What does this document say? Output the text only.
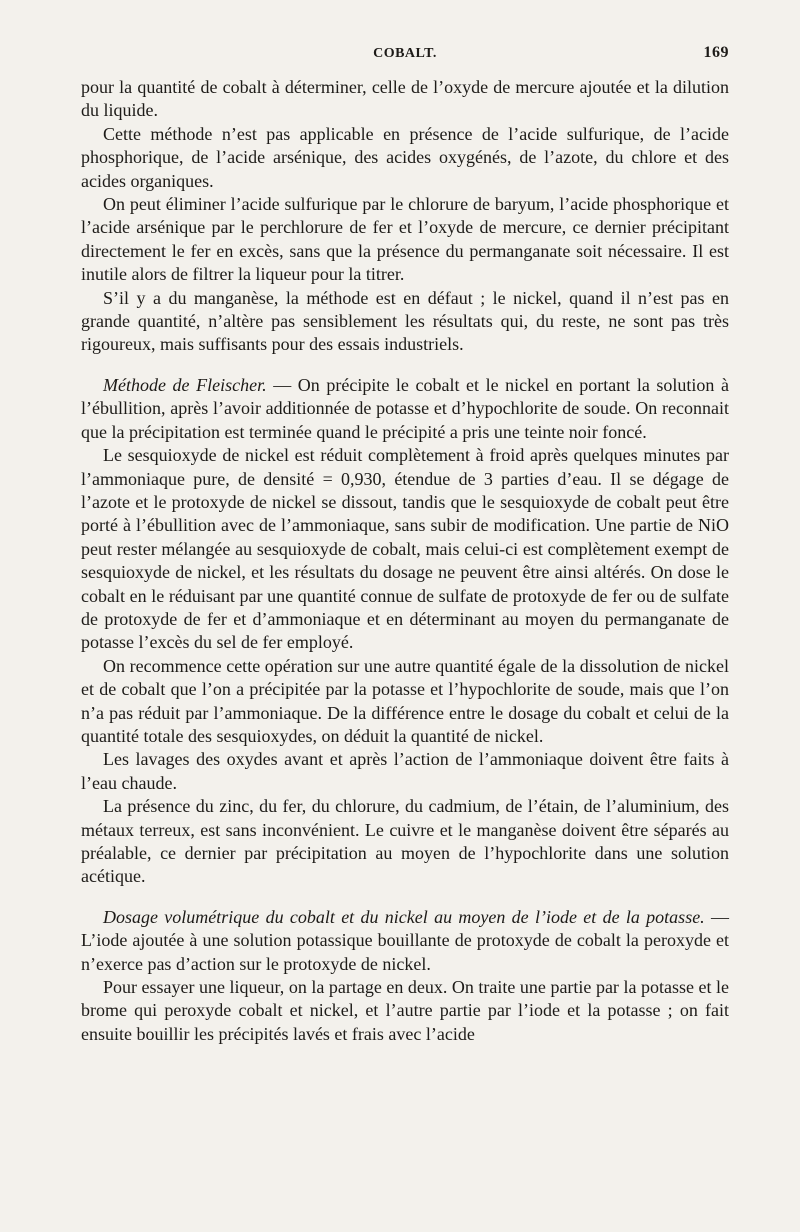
COBALT.	169

pour la quantité de cobalt à déterminer, celle de l’oxyde de mercure ajoutée et la dilution du liquide.

Cette méthode n’est pas applicable en présence de l’acide sulfurique, de l’acide phosphorique, de l’acide arsénique, des acides oxygénés, de l’azote, du chlore et des acides organiques.

On peut éliminer l’acide sulfurique par le chlorure de baryum, l’acide phosphorique et l’acide arsénique par le perchlorure de fer et l’oxyde de mercure, ce dernier précipitant directement le fer en excès, sans que la présence du permanganate soit nécessaire. Il est inutile alors de filtrer la liqueur pour la titrer.

S’il y a du manganèse, la méthode est en défaut ; le nickel, quand il n’est pas en grande quantité, n’altère pas sensiblement les résultats qui, du reste, ne sont pas très rigoureux, mais suffisants pour des essais industriels.

Méthode de Fleischer. — On précipite le cobalt et le nickel en portant la solution à l’ébullition, après l’avoir additionnée de potasse et d’hypochlorite de soude. On reconnait que la précipitation est terminée quand le précipité a pris une teinte noir foncé.

Le sesquioxyde de nickel est réduit complètement à froid après quelques minutes par l’ammoniaque pure, de densité = 0,930, étendue de 3 parties d’eau. Il se dégage de l’azote et le protoxyde de nickel se dissout, tandis que le sesquioxyde de cobalt peut être porté à l’ébullition avec de l’ammoniaque, sans subir de modification. Une partie de NiO peut rester mélangée au sesquioxyde de cobalt, mais celui-ci est complètement exempt de sesquioxyde de nickel, et les résultats du dosage ne peuvent être ainsi altérés. On dose le cobalt en le réduisant par une quantité connue de sulfate de protoxyde de fer ou de sulfate de protoxyde de fer et d’ammoniaque et en déterminant au moyen du permanganate de potasse l’excès du sel de fer employé.

On recommence cette opération sur une autre quantité égale de la dissolution de nickel et de cobalt que l’on a précipitée par la potasse et l’hypochlorite de soude, mais que l’on n’a pas réduit par l’ammoniaque. De la différence entre le dosage du cobalt et celui de la quantité totale des sesquioxydes, on déduit la quantité de nickel.

Les lavages des oxydes avant et après l’action de l’ammoniaque doivent être faits à l’eau chaude.

La présence du zinc, du fer, du chlorure, du cadmium, de l’étain, de l’aluminium, des métaux terreux, est sans inconvénient. Le cuivre et le manganèse doivent être séparés au préalable, ce dernier par précipitation au moyen de l’hypochlorite dans une solution acétique.

Dosage volumétrique du cobalt et du nickel au moyen de l’iode et de la potasse. — L’iode ajoutée à une solution potassique bouillante de protoxyde de cobalt la peroxyde et n’exerce pas d’action sur le protoxyde de nickel.

Pour essayer une liqueur, on la partage en deux. On traite une partie par la potasse et le brome qui peroxyde cobalt et nickel, et l’autre partie par l’iode et la potasse ; on fait ensuite bouillir les précipités lavés et frais avec l’acide
